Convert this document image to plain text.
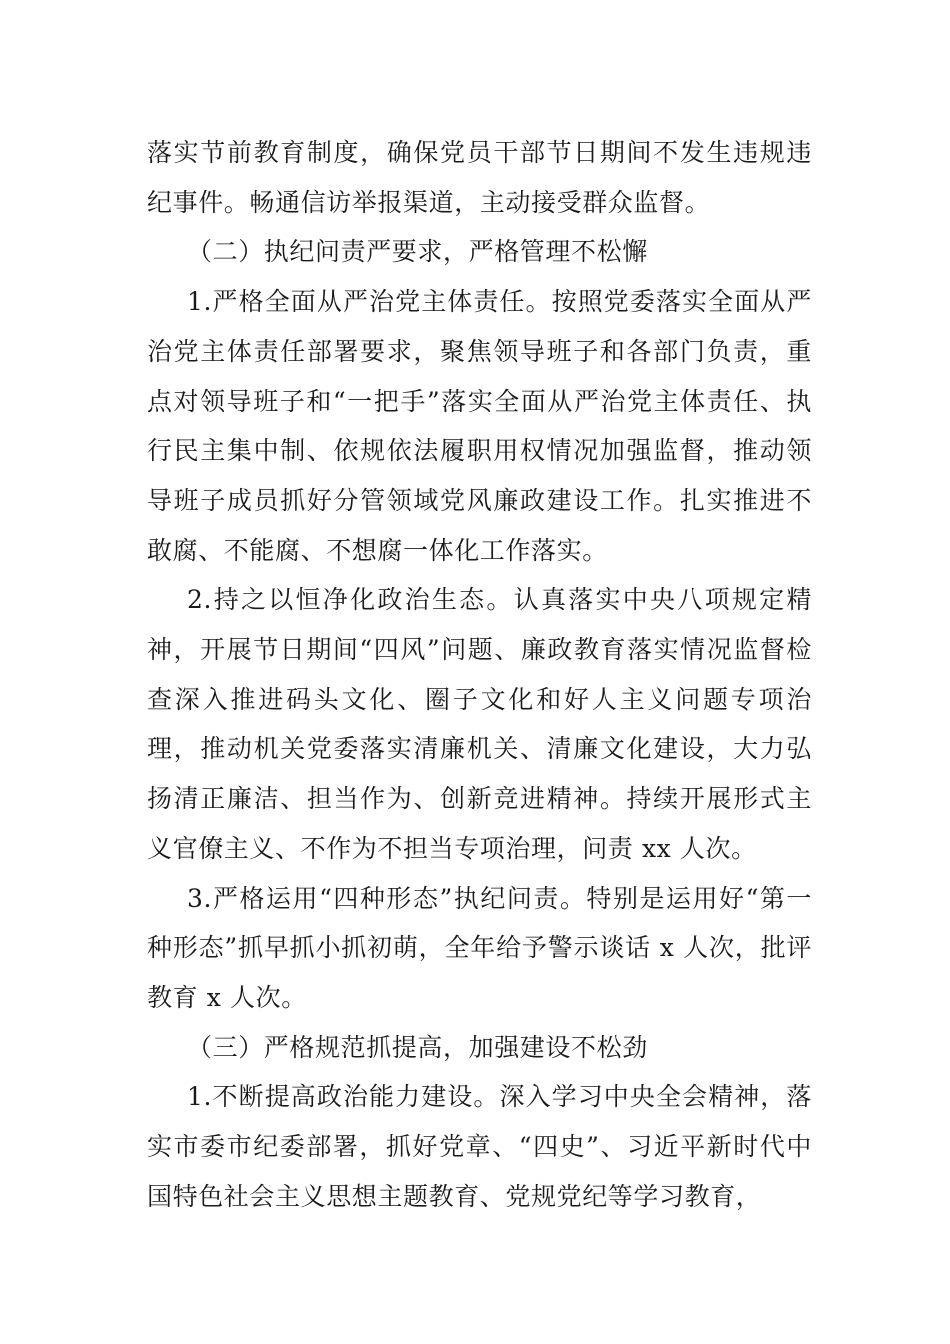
落实节前教育制度，确保党员干部节日期间不发生违规违纪事件。畅通信访举报渠道，主动接受群众监督。

（二）执纪问责严要求，严格管理不松懈

1.严格全面从严治党主体责任。按照党委落实全面从严治党主体责任部署要求，聚焦领导班子和各部门负责，重点对领导班子和“一把手”落实全面从严治党主体责任、执行民主集中制、依规依法履职用权情况加强监督，推动领导班子成员抓好分管领域党风廉政建设工作。扎实推进不敢腐、不能腐、不想腐一体化工作落实。

2.持之以恒净化政治生态。认真落实中央八项规定精神，开展节日期间“四风”问题、廉政教育落实情况监督检查深入推进码头文化、圈子文化和好人主义问题专项治理，推动机关党委落实清廉机关、清廉文化建设，大力弘扬清正廉洁、担当作为、创新竞进精神。持续开展形式主义官僚主义、不作为不担当专项治理，问责 xx 人次。

3.严格运用“四种形态”执纪问责。特别是运用好“第一种形态”抓早抓小抓初萌，全年给予警示谈话 x 人次，批评教育 x 人次。

（三）严格规范抓提高，加强建设不松劲

1.不断提高政治能力建设。深入学习中央全会精神，落实市委市纪委部署，抓好党章、“四史”、习近平新时代中国特色社会主义思想主题教育、党规党纪等学习教育，
